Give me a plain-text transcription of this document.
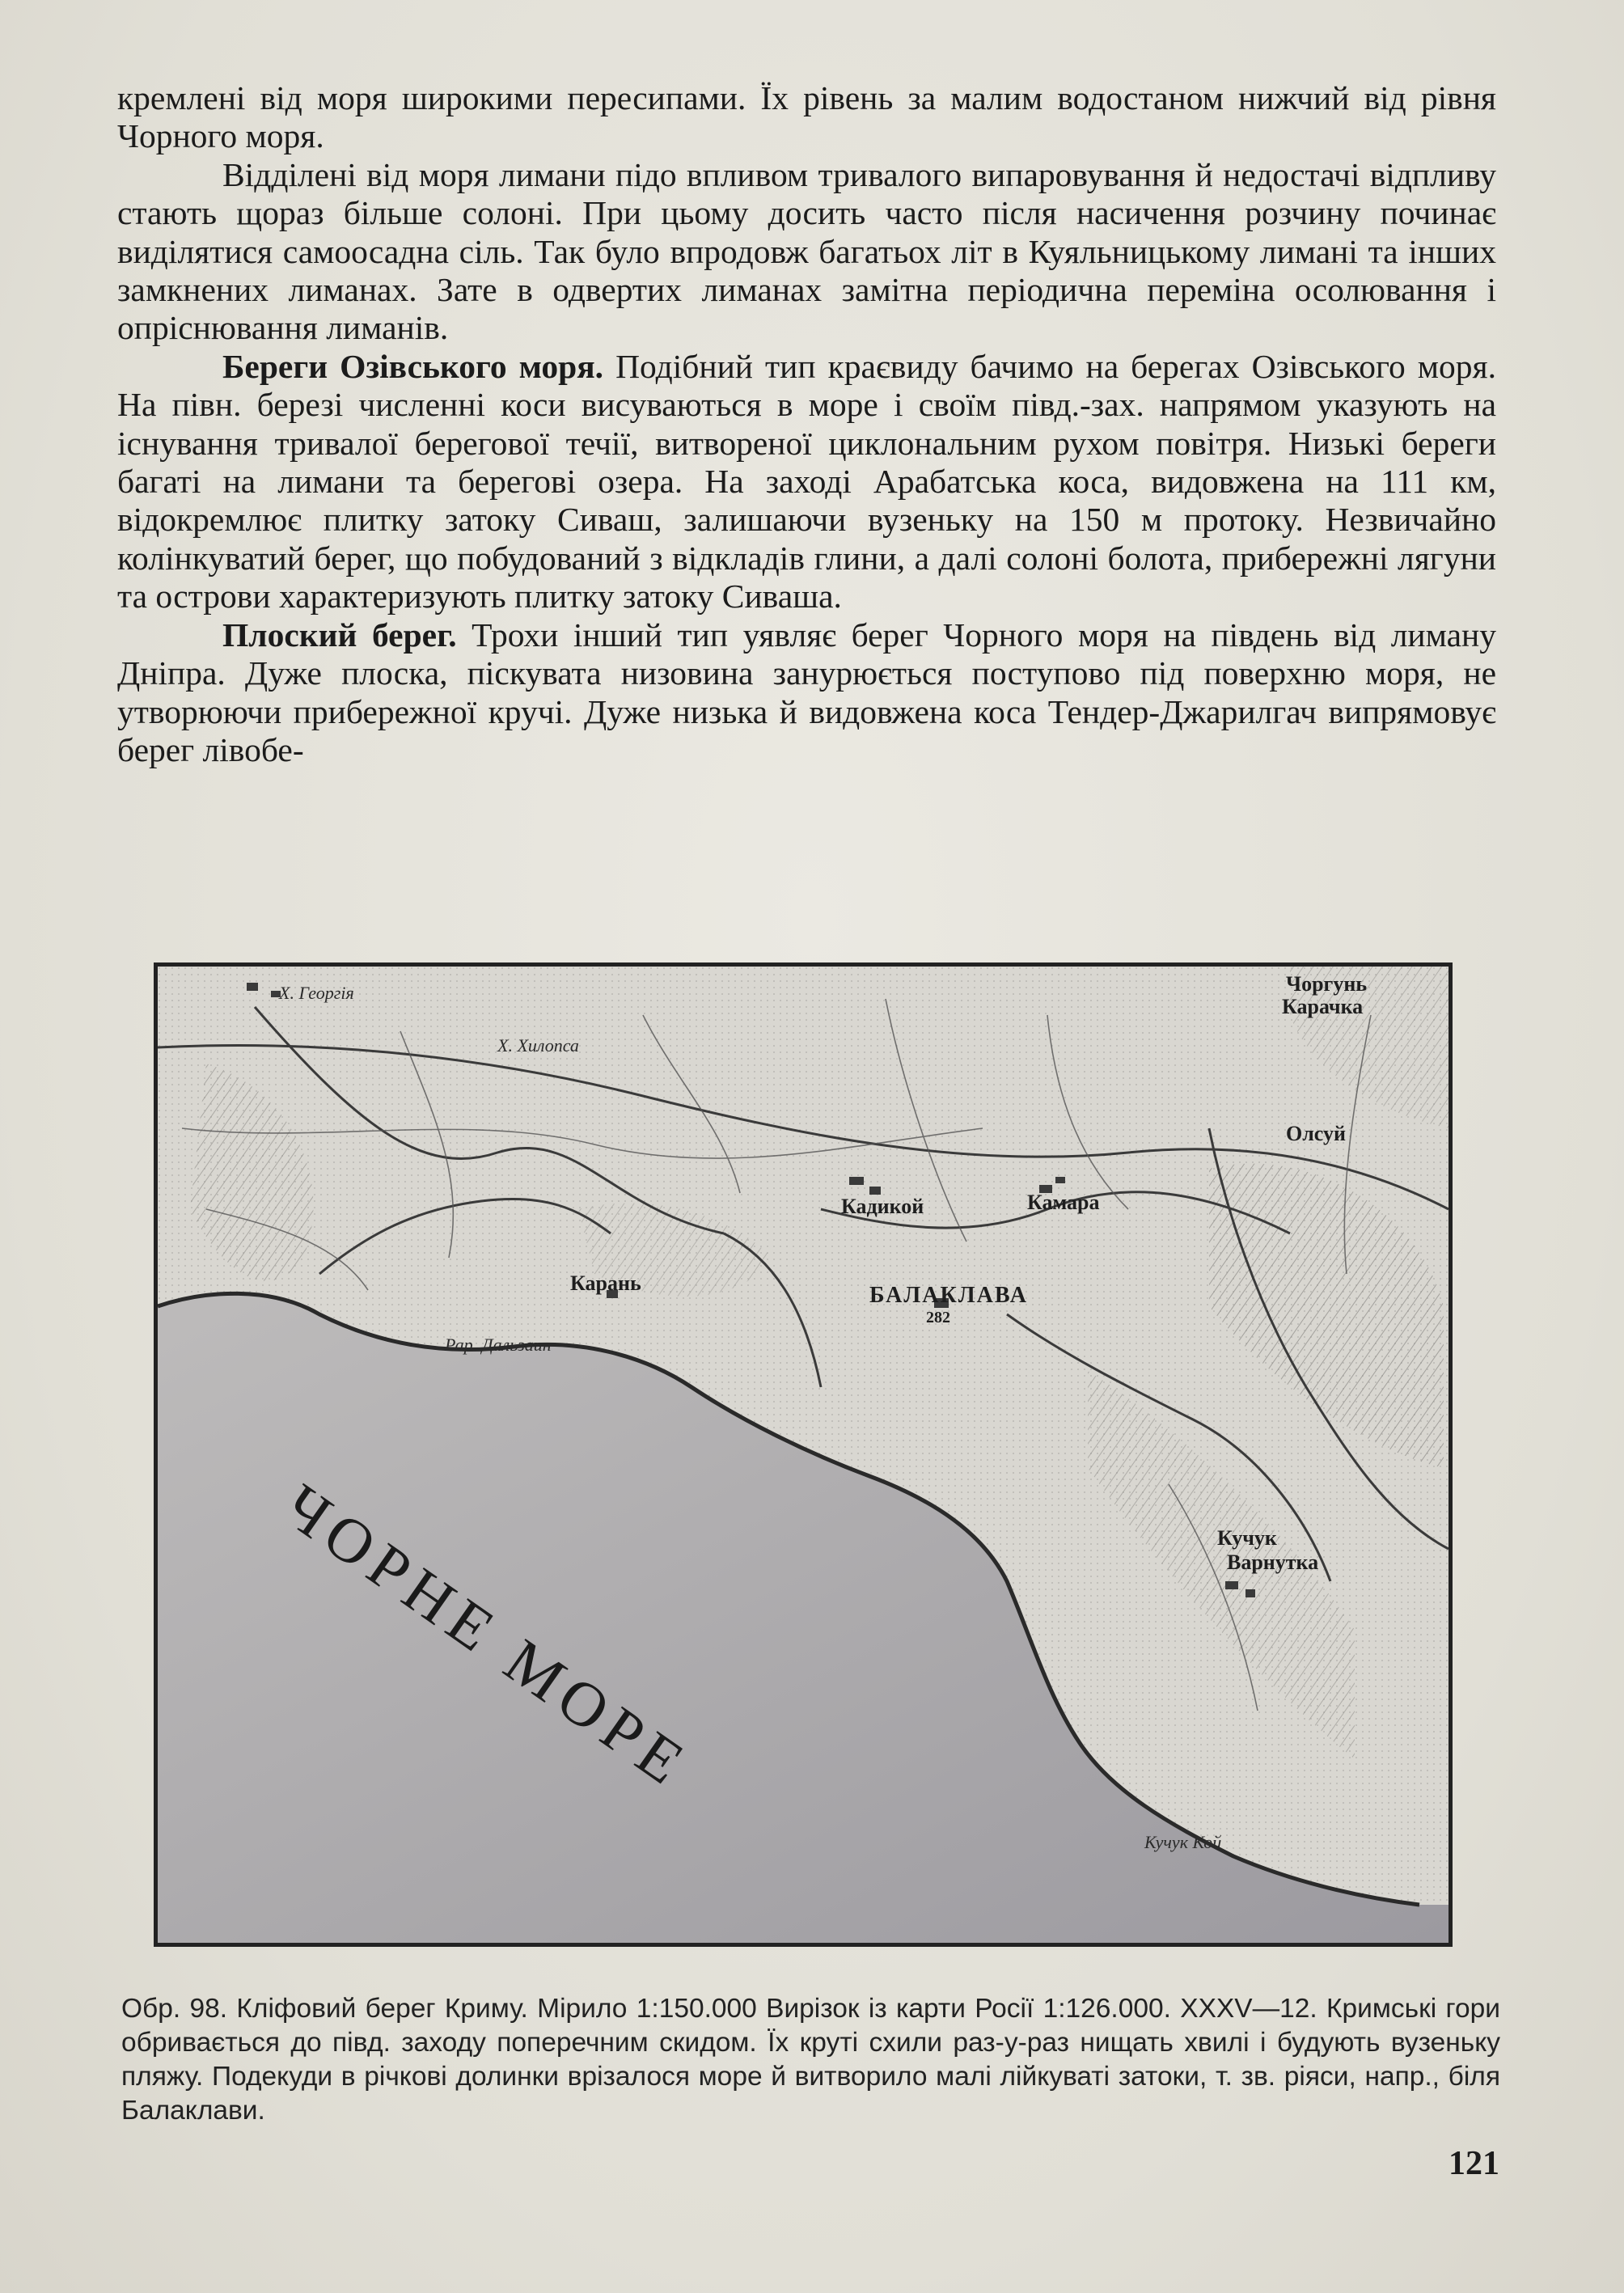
кремлені від моря широкими пересипами. Їх рівень за малим водостаном нижчий від рівня Чорного моря.

Відділені від моря лимани підо впливом тривалого випаровування й недостачі відпливу стають щораз більше солоні. При цьому досить часто після насичення розчину починає виділятися самоосадна сіль. Так було впродовж багатьох літ в Куяльницькому лимані та інших замкнених лиманах. Зате в одвертих лиманах замітна періодична переміна осолювання і опріснювання лиманів.

Береги Озівського моря. Подібний тип краєвиду бачимо на берегах Озівського моря. На півн. березі численні коси висуваються в море і своїм півд.-зах. напрямом указують на існування тривалої берегової течії, витвореної циклональним рухом повітря. Низькі береги багаті на лимани та берегові озера. На заході Арабатська коса, видовжена на 111 км, відокремлює плитку затоку Сиваш, залишаючи вузеньку на 150 м протоку. Незвичайно колінкуватий берег, що побудований з відкладів глини, а далі солоні болота, прибережні лягуни та острови характеризують плитку затоку Сиваша.

Плоский берег. Трохи інший тип уявляє берег Чорного моря на південь від лиману Дніпра. Дуже плоска, піскувата низовина занурюється поступово під поверхню моря, не утворюючи прибережної кручі. Дуже низька й видовжена коса Тендер-Джарилгач випрямовує берег лівобе-

Чоргунь
Карачка
Олсуй
Кадикой	Камара
Карань	БАЛАКЛАВА
282
Кучук
Варнутка
Х. Георгія
Х. Хилопса
Рар. Дальзаин
Кучук Кой
ЧОРНЕ МОРЕ
Обр. 98. Кліфовий берег Криму. Мірило 1:150.000 Вирізок із карти Росії 1:126.000. XXXV—12. Кримські гори обривається до півд. заходу поперечним скидом. Їх круті схили раз-у-раз нищать хвилі і будують вузеньку пляжу. Подекуди в річкові долинки врізалося море й витворило малі лійкуваті затоки, т. зв. ріяси, напр., біля Балаклави.
121
